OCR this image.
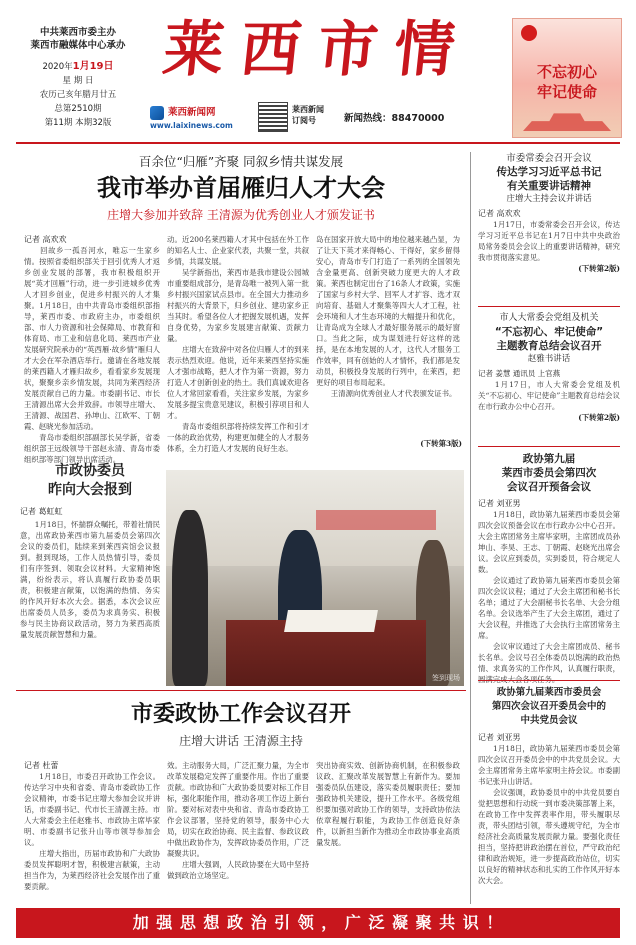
中共莱西市委主办
莱西市融媒体中心承办
2020年1月19日
星 期 日
农历己亥年腊月廿五
总第2510期
第11期 本期32版
莱 西 市 情
莱西新闻网
www.laixinews.com
莱西新闻
订阅号	新闻热线：88470000
不忘初心
牢记使命
百余位“归雁”齐聚 同叙乡情共谋发展
我市举办首届雁归人才大会
庄增大参加并致辞 王清源为优秀创业人才颁发证书
记者 高欢欢
　　回故乡一孤吾河水，唯忘一生家乡情。按照省委组织部关于回引优秀人才返乡创业发展的部署，我市积极组织开展“英才回雁”行动，进一步引进城乡优秀人才回乡创业，促进乡村振兴的人才集聚。1月18日，由中共青岛市委组织部指导，莱西市委、市政府主办，市委组织部、市人力资源和社会保障局、市教育和体育局、市工业和信息化局、莱西市产业发展研究院承办的“英西雁·故乡情”雁归人才大会在军杂酒店举行。邀请在各地发展的莱西籍人才雁归故乡，看看家乡发展现状，聚聚乡亲乡情发展，共同为莱西经济发展贡献自己的力量。市委副书记、市长王清源出席大会并致辞。市领导庄增大、王清源、战国君、孙坤山、江欧军、丁朝霞、赵晓光参加活动。
　　青岛市委组织部副部长吴学新，省委组织部王远级领导干部赵永清、青岛市委组织部等部门领导出席活动。
动。近200名莱西籍人才其中包括在外工作的知名人士、企业家代表，共聚一堂，共叙乡情，共谋发展。
　　吴学新指出，莱西市是我市建设公园城市重要组成部分，是青岛唯一被列入第一批乡村振兴国家试点县市。在全国大力推动乡村振兴的大背景下，归乡创业、建功家乡正当其时。希望各位人才把握发展机遇，发挥自身优势，为家乡发展建言献策、贡献力量。
　　庄增大在致辞中对各位归雁人才的到来表示热烈欢迎。他说，近年来莱西坚持实施人才强市战略，把人才作为第一资源，努力打造人才创新创业的热土。我们真诚欢迎各位人才常回家看看，关注家乡发展，为家乡发展多提宝贵意见建议，积极引荐项目和人才。
　　青岛市委组织部将持续发挥工作和引才一体的政治优势，构建更加健全的人才服务体系，全力打造人才发展的良好生态。
岛在国家开放大局中的地位越来越凸显，为了让天下英才来得畅心、干得好，家乡留得安心，青岛市专门打造了一系列的全国领先含金量更高、创新突破力度更大的人才政策。莱西也制定出台了16条人才政策，实施了国家与乡村大学、回军人才扩容、选才双向培育、基础人才聚集等四大人才工程，社会环境和人才生态环境的大幅提升和优化，让青岛成为全球人才最好服务展示的最好窗口。当此之际，成为谋划进行好这样的选择，是在本地发展的人才，这代人才服务工作效率，同有创始的人才情怀，我们都是发动员，积极投身发展的行列中，在莱西，把更好的项目布局起来。
　　王清源向优秀创业人才代表颁发证书。
(下转第3版)
市政协委员
昨向大会报到
记者 葛虹虹
　　1月18日，怀揣群众嘱托，带着社情民意，出席政协莱西市第九届委员会第四次会议的委员们，陆续来到莱西宾馆会议报到。报到现场，工作人员热情引导，委员们有序签到、领取会议材料。大家精神饱满，纷纷表示，将认真履行政协委员职责，积极建言献策，以饱满的热情、务实的作风开好本次大会。据悉，本次会议应出席委员人员多，委员为求真务实、积极参与民主协商议政活动，努力为莱西高质量发展贡献智慧和力量。
签到现场
市委政协工作会议召开
庄增大讲话 王清源主持
记者 杜蕾
　　1月18日，市委召开政协工作会议。传达学习中央和省委、青岛市委政协工作会议精神，市委书记庄增大参加会议并讲话，市委副书记、代市长王清源主持。市人大常委会主任赵雅书、市政协主席毕家明、市委副书记张升山等市领导参加会议。
　　庄增大指出，历届市政协和广大政协委员发挥聪明才智，积极建言献策，主动担当作为，为莱西经济社会发展作出了重要贡献。
效。主动服务大局，广泛汇聚力量，为全市改革发展稳定发挥了重要作用。作出了重要贡献。市政协和广大政协委员要对标工作目标，强化职能作用，推动各项工作迈上新台阶。要对标对表中央和省、青岛市委政协工作会议部署，坚持党的领导，服务中心大局，切实在政治协商、民主监督、参政议政中做出政协作为，发挥政协委员作用，广泛凝聚共识。
　　庄增大强调，人民政协要在大局中坚持做到政治立场坚定。
突出协商实效、创新协商机制，在积极参政议政、汇聚改革发展智慧上有新作为。要加强委员队伍建设，落实委员履职责任；要加强政协机关建设，提升工作水平。各级党组织要加强对政协工作的领导，支持政协依法依章程履行职能，为政协工作创造良好条件，以新担当新作为推动全市政协事业高质量发展。
市委常委会召开会议
传达学习习近平总书记
有关重要讲话精神
庄增大主持会议并讲话
记者 高欢欢
　　1月17日，市委常委会召开会议，传达学习习近平总书记在1月7日中共中央政治局常务委员会会议上的重要讲话精神，研究我市贯彻落实意见。
(下转第2版)
市人大常委会党组及机关
“不忘初心、牢记使命”
主题教育总结会议召开
赵雅书讲话
记者 姜慧 通讯员 上官燕
　　1月17日，市人大常委会党组及机关“不忘初心、牢记使命”主题教育总结会议在市行政办公中心召开。
(下转第2版)
政协第九届
莱西市委员会第四次
会议召开预备会议
记者 刘亚男
　　1月18日，政协第九届莱西市委员会第四次会议预备会议在市行政办公中心召开。大会主席团常务主席毕家明，主席团成员孙坤山、李昊、王志、丁朝霞、赵晓光出席会议。会议应到委员，实到委员，符合规定人数。
　　会议通过了政协第九届莱西市委员会第四次会议议程；通过了大会主席团和秘书长名单；通过了大会副秘书长名单、大会分组名单。会议选举产生了大会主席团，通过了大会议程，并推选了大会执行主席团常务主席。
　　会议审议通过了大会主席团成员、秘书长名单。会议号召全体委员以饱满的政治热情、求真务实的工作作风，认真履行职责，
政协第九届莱西市委员会
第四次会议召开委员会中的
中共党员会议
记者 刘亚男
　　1月18日，政协第九届莱西市委员会第四次会议召开委员会中的中共党员会议。大会主席团常务主席毕家明主持会议。市委副书记张升山讲话。
　　会议强调，政协委员中的中共党员要自觉把思想和行动统一到市委决策部署上来，在政协工作中发挥表率作用，带头履职尽责，带头团结引领，带头遵规守纪，为全市经济社会高质量发展贡献力量。要强化责任担当，坚持把讲政治摆在首位，严守政治纪律和政治规矩，进一步提高政治站位，切实以良好的精神状态和扎实的工作作风开好本次大会。
加 强 思 想 政 治 引 领 ， 广 泛 凝 聚 共 识 ！
